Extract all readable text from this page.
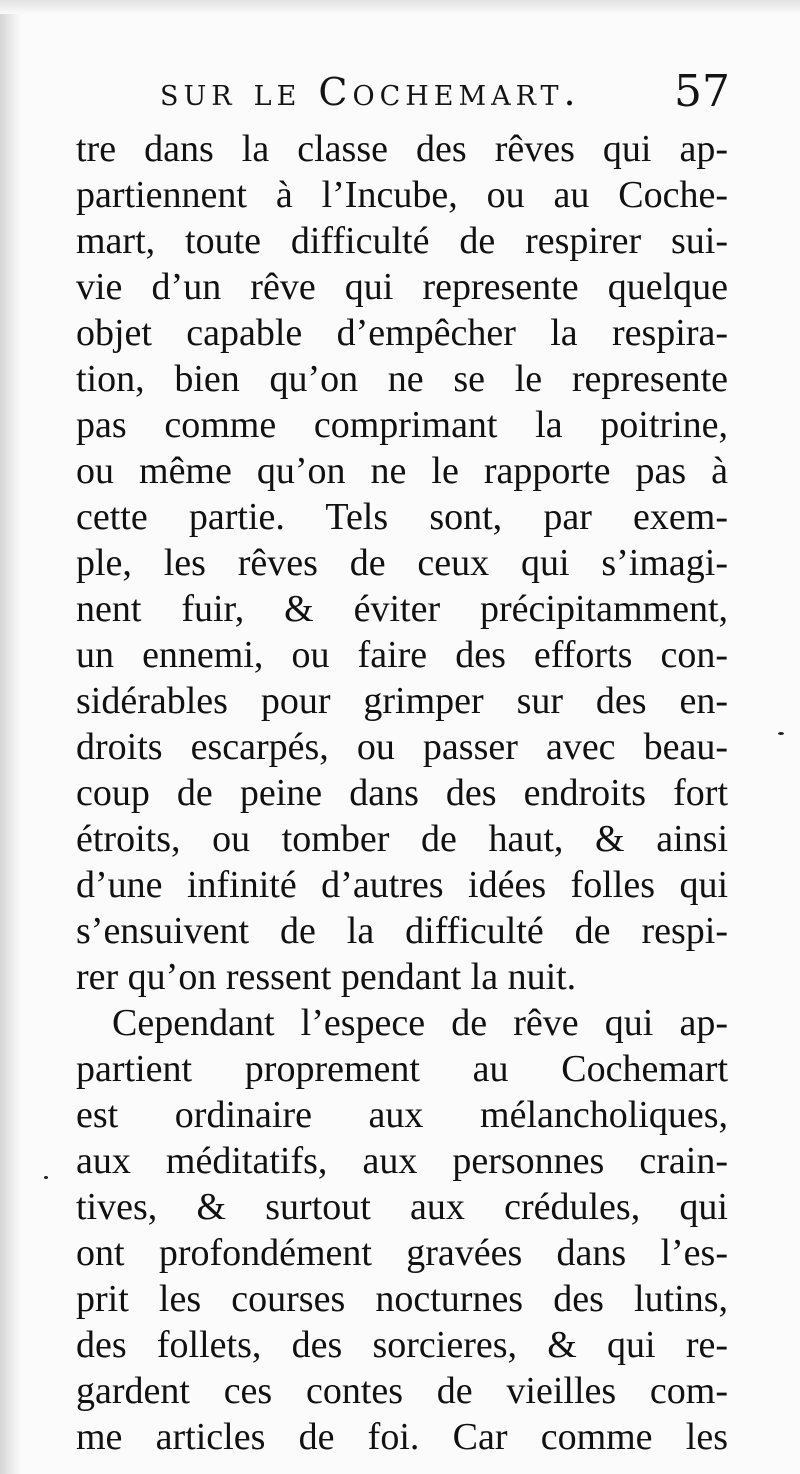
sur le Cochemart. 57
tre dans la classe des rêves qui ap-
partiennent à l’Incube, ou au Coche-
mart, toute difficulté de respirer sui-
vie d’un rêve qui represente quelque
objet capable d’empêcher la respira-
tion, bien qu’on ne se le represente
pas comme comprimant la poitrine,
ou même qu’on ne le rapporte pas à
cette partie. Tels sont, par exem-
ple, les rêves de ceux qui s’imagi-
nent fuir, & éviter précipitamment,
un ennemi, ou faire des efforts con-
sidérables pour grimper sur des en-
droits escarpés, ou passer avec beau-
coup de peine dans des endroits fort
étroits, ou tomber de haut, & ainsi
d’une infinité d’autres idées folles qui
s’ensuivent de la difficulté de respi-
rer qu’on ressent pendant la nuit.
Cependant l’espece de rêve qui ap-
partient proprement au Cochemart
est ordinaire aux mélancholiques,
aux méditatifs, aux personnes crain-
tives, & surtout aux crédules, qui
ont profondément gravées dans l’es-
prit les courses nocturnes des lutins,
des follets, des sorcieres, & qui re-
gardent ces contes de vieilles com-
me articles de foi. Car comme les
